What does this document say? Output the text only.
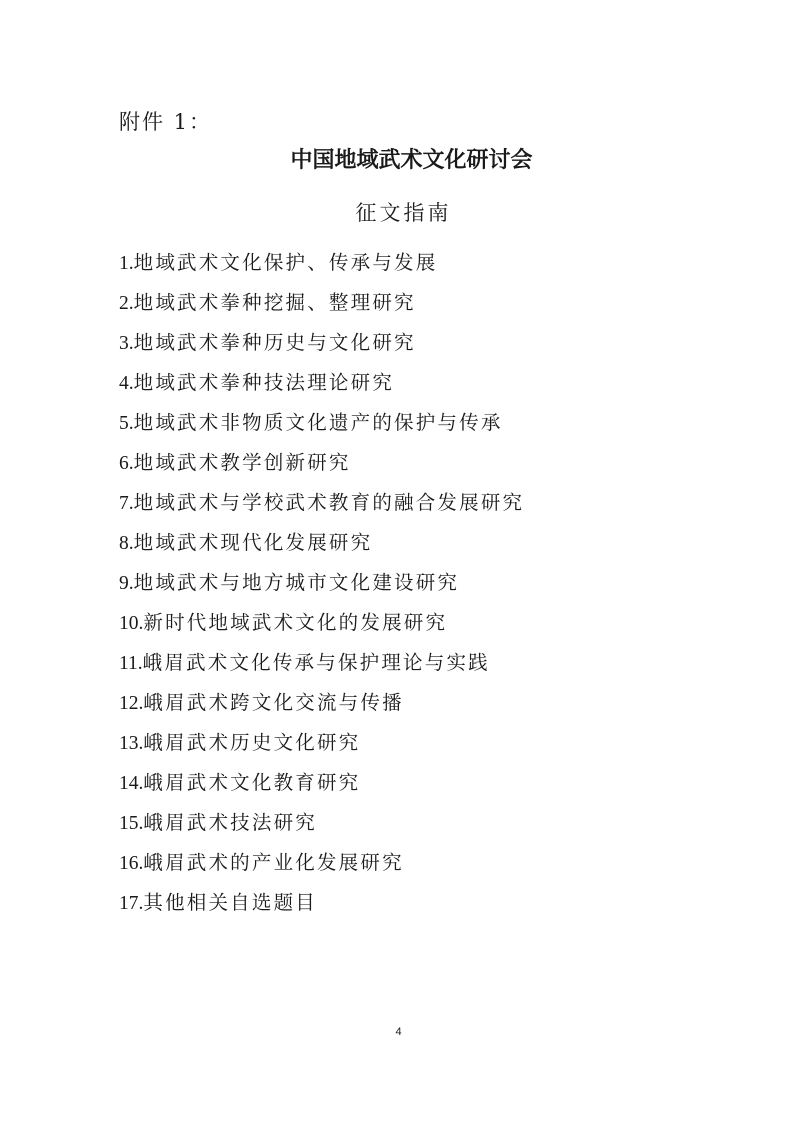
附件 1：
中国地域武术文化研讨会
征文指南
1.地域武术文化保护、传承与发展
2.地域武术拳种挖掘、整理研究
3.地域武术拳种历史与文化研究
4.地域武术拳种技法理论研究
5.地域武术非物质文化遗产的保护与传承
6.地域武术教学创新研究
7.地域武术与学校武术教育的融合发展研究
8.地域武术现代化发展研究
9.地域武术与地方城市文化建设研究
10.新时代地域武术文化的发展研究
11.峨眉武术文化传承与保护理论与实践
12.峨眉武术跨文化交流与传播
13.峨眉武术历史文化研究
14.峨眉武术文化教育研究
15.峨眉武术技法研究
16.峨眉武术的产业化发展研究
17.其他相关自选题目
4
